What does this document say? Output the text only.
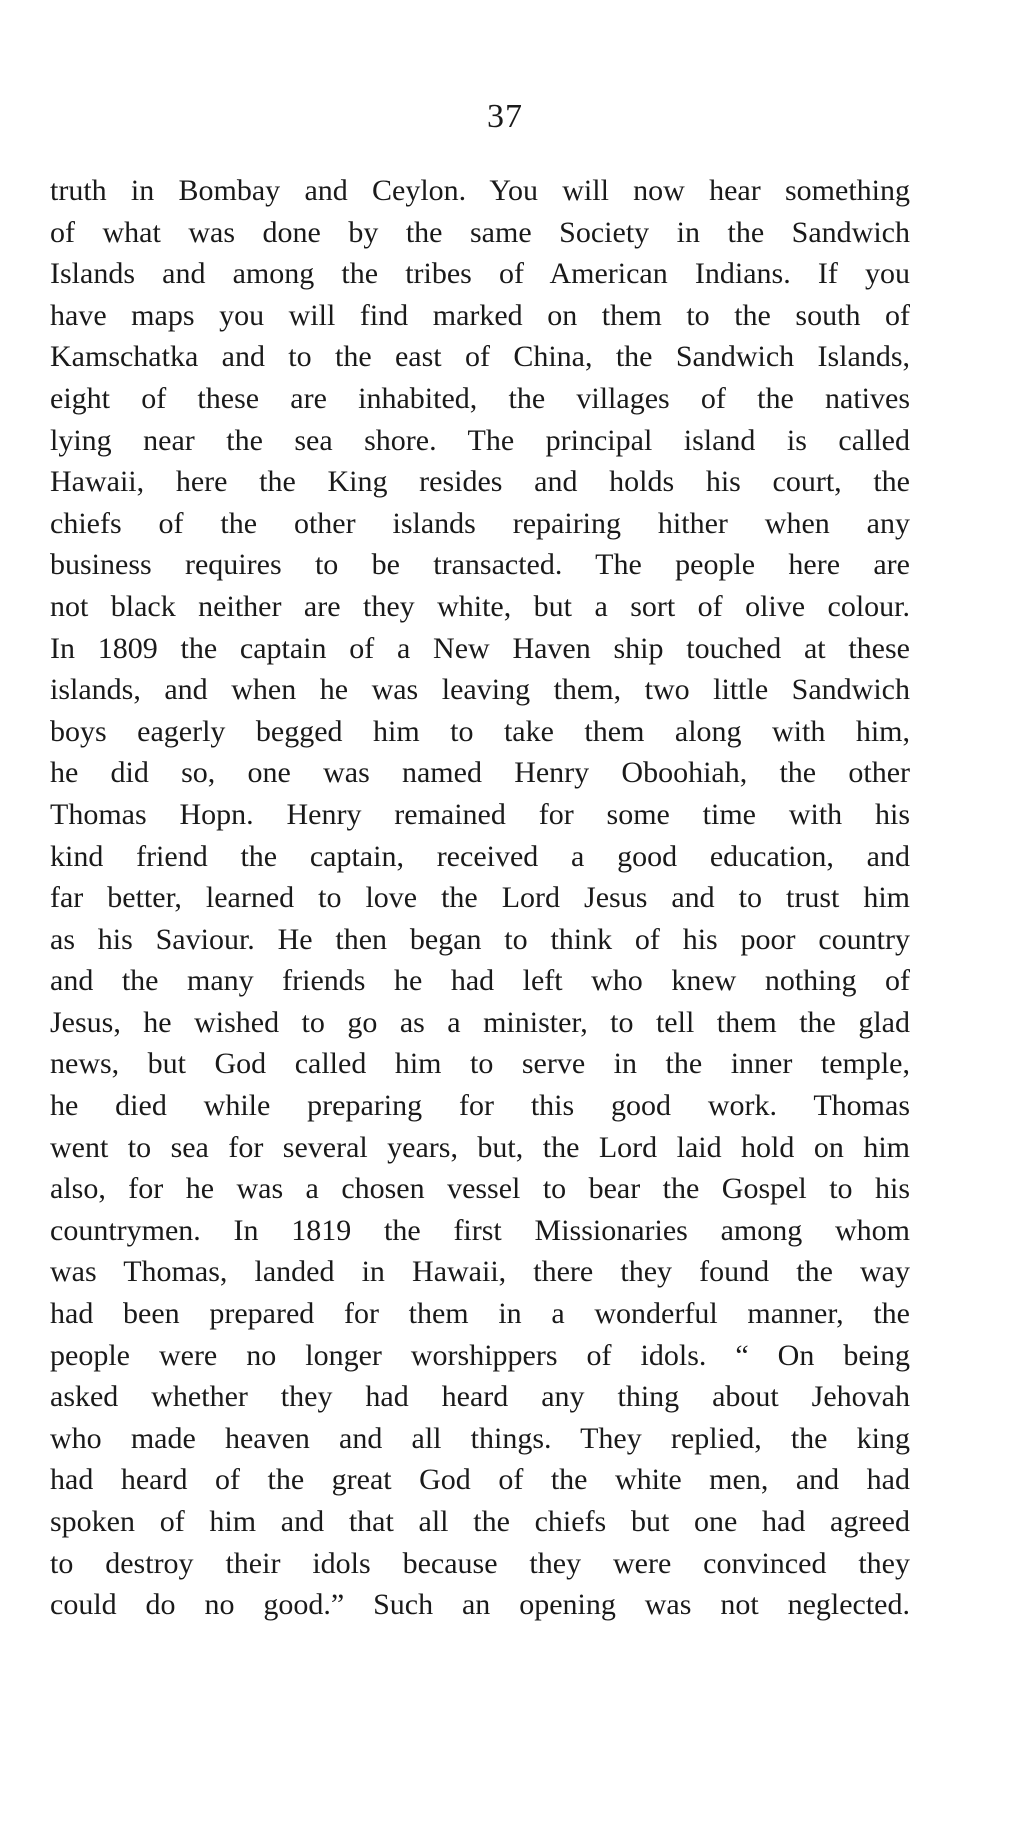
37
truth in Bombay and Ceylon. You will now hear something
of what was done by the same Society in the Sandwich
Islands and among the tribes of American Indians. If you
have maps you will find marked on them to the south of
Kamschatka and to the east of China, the Sandwich Islands,
eight of these are inhabited, the villages of the natives
lying near the sea shore. The principal island is called
Hawaii, here the King resides and holds his court, the
chiefs of the other islands repairing hither when any
business requires to be transacted. The people here are
not black neither are they white, but a sort of olive colour.
In 1809 the captain of a New Haven ship touched at these
islands, and when he was leaving them, two little Sandwich
boys eagerly begged him to take them along with him,
he did so, one was named Henry Oboohiah, the other
Thomas Hopn. Henry remained for some time with his
kind friend the captain, received a good education, and
far better, learned to love the Lord Jesus and to trust him
as his Saviour. He then began to think of his poor country
and the many friends he had left who knew nothing of
Jesus, he wished to go as a minister, to tell them the glad
news, but God called him to serve in the inner temple,
he died while preparing for this good work. Thomas
went to sea for several years, but, the Lord laid hold on him
also, for he was a chosen vessel to bear the Gospel to his
countrymen. In 1819 the first Missionaries among whom
was Thomas, landed in Hawaii, there they found the way
had been prepared for them in a wonderful manner, the
people were no longer worshippers of idols. “ On being
asked whether they had heard any thing about Jehovah
who made heaven and all things. They replied, the king
had heard of the great God of the white men, and had
spoken of him and that all the chiefs but one had agreed
to destroy their idols because they were convinced they
could do no good.” Such an opening was not neglected.
